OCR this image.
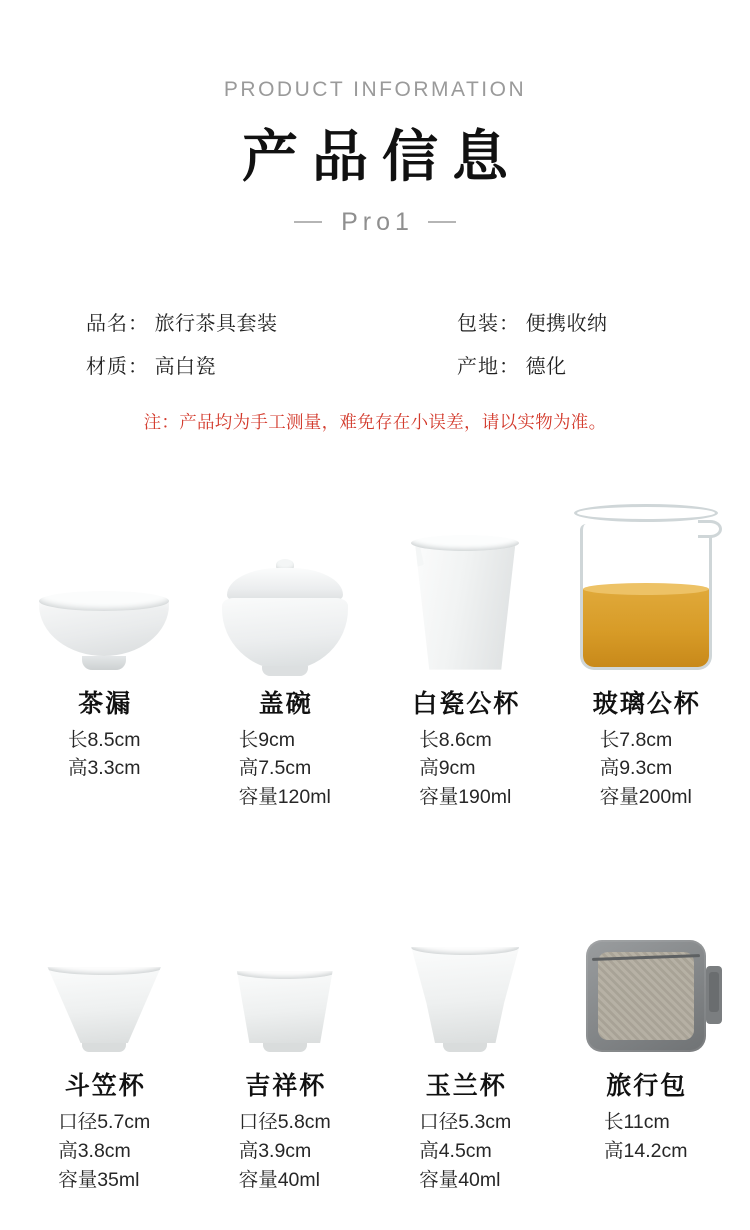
PRODUCT INFORMATION
产品信息
Pro1
品名： 旅行茶具套装	包装： 便携收纳
材质： 高白瓷	产地： 德化
注：产品均为手工测量，难免存在小误差，请以实物为准。
茶漏
长8.5cm
高3.3cm
盖碗
长9cm
高7.5cm
容量120ml
白瓷公杯
长8.6cm
高9cm
容量190ml
玻璃公杯
长7.8cm
高9.3cm
容量200ml
斗笠杯
口径5.7cm
高3.8cm
容量35ml
吉祥杯
口径5.8cm
高3.9cm
容量40ml
玉兰杯
口径5.3cm
高4.5cm
容量40ml
旅行包
长11cm
高14.2cm
